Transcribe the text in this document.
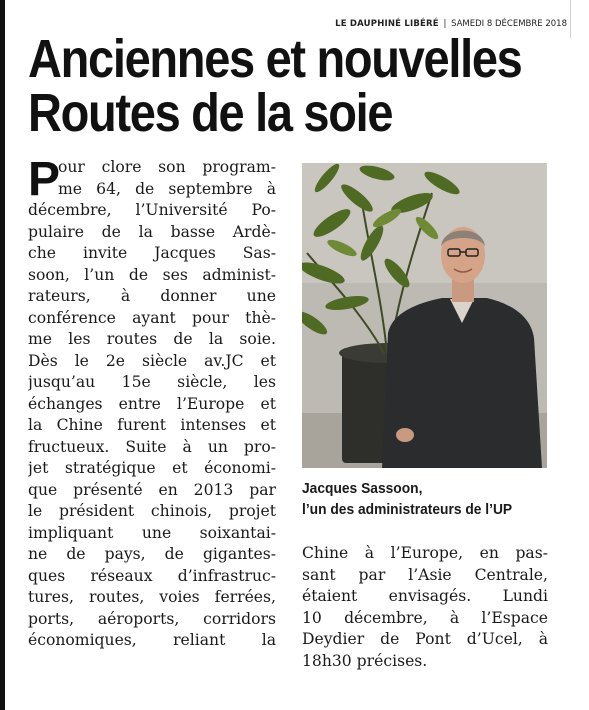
LE DAUPHINÉ LIBÉRÉ | SAMEDI 8 DÉCEMBRE 2018
Anciennes et nouvelles
Routes de la soie
P
our clore son program-
me 64, de septembre à
décembre, l’Université Po-
pulaire de la basse Ardè-
che invite Jacques Sas-
soon, l’un de ses administ-
rateurs, à donner une
conférence ayant pour thè-
me les routes de la soie.
Dès le 2e siècle av.JC et
jusqu’au 15e siècle, les
échanges entre l’Europe et
la Chine furent intenses et
fructueux. Suite à un pro-
jet stratégique et économi-
que présenté en 2013 par
le président chinois, projet
impliquant une soixantai-
ne de pays, de gigantes-
ques réseaux d’infrastruc-
tures, routes, voies ferrées,
ports, aéroports, corridors
économiques, reliant la
Jacques Sassoon,
l’un des administrateurs de l’UP
Chine à l’Europe, en pas-
sant par l’Asie Centrale,
étaient envisagés. Lundi
10 décembre, à l’Espace
Deydier de Pont d’Ucel, à
18h30 précises.
